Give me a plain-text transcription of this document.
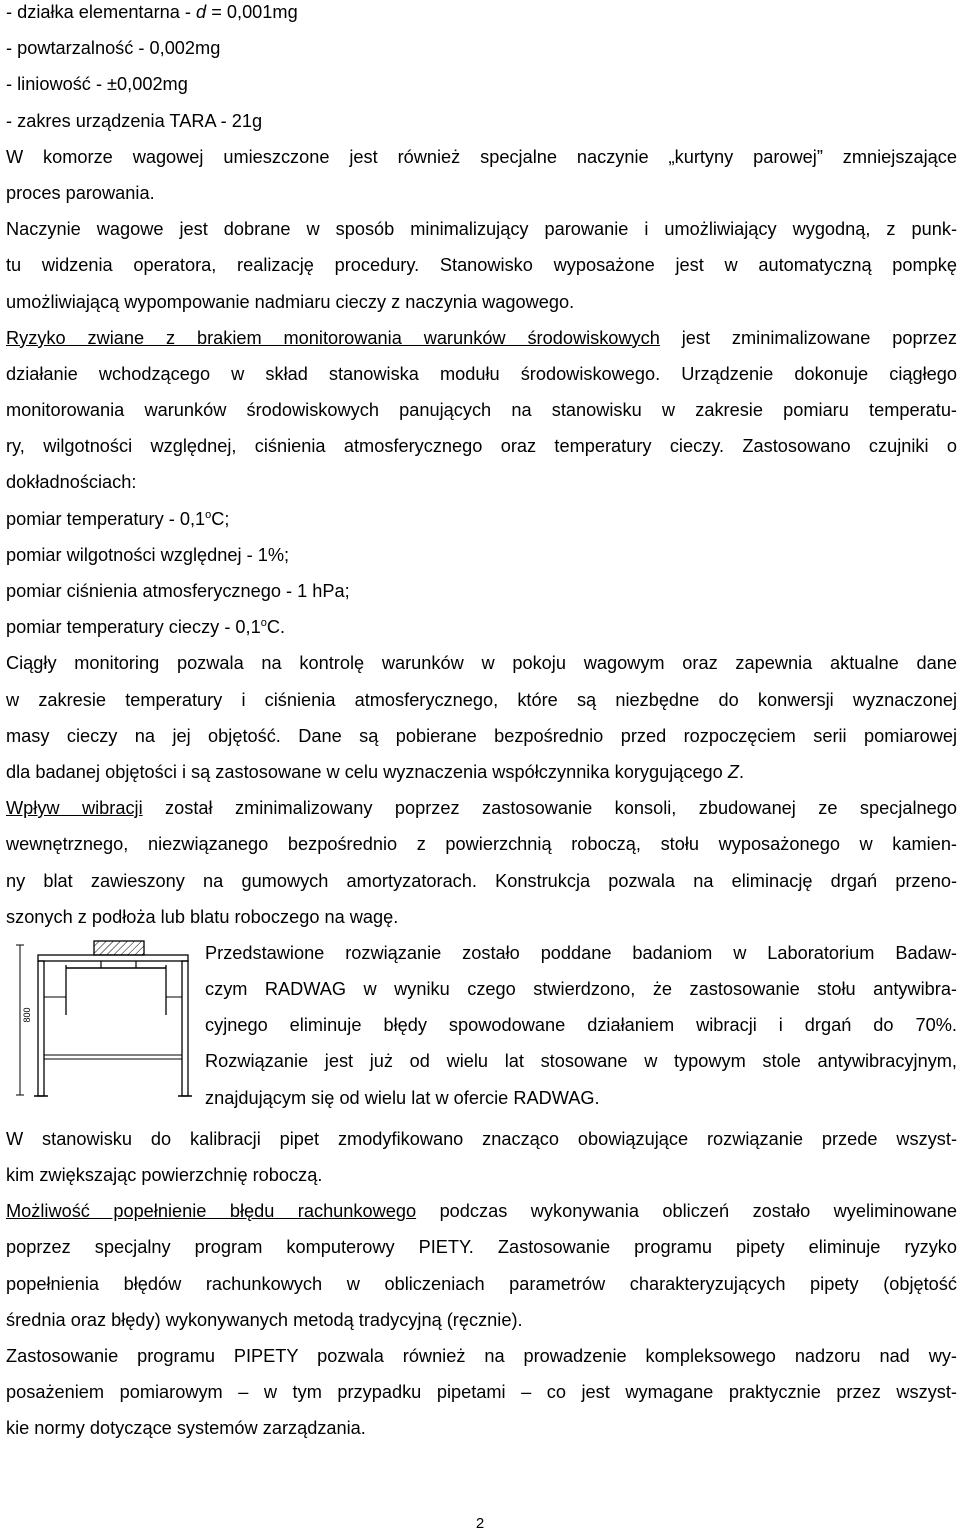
- działka elementarna - d = 0,001mg
- powtarzalność - 0,002mg
- liniowość - ±0,002mg
- zakres urządzenia TARA - 21g
W komorze wagowej umieszczone jest również specjalne naczynie „kurtyny parowej” zmniejszające
proces parowania.
Naczynie wagowe jest dobrane w sposób minimalizujący parowanie i umożliwiający wygodną, z punk-
tu widzenia operatora, realizację procedury. Stanowisko wyposażone jest w automatyczną pompkę
umożliwiającą wypompowanie nadmiaru cieczy z naczynia wagowego.
Ryzyko zwiane z brakiem monitorowania warunków środowiskowych jest zminimalizowane poprzez
działanie wchodzącego w skład stanowiska modułu środowiskowego. Urządzenie dokonuje ciągłego
monitorowania warunków środowiskowych panujących na stanowisku w zakresie pomiaru temperatu-
ry, wilgotności względnej, ciśnienia atmosferycznego oraz temperatury cieczy. Zastosowano czujniki o
dokładnościach:
pomiar temperatury - 0,1$^o$C;
pomiar wilgotności względnej - 1%;
pomiar ciśnienia atmosferycznego - 1 hPa;
pomiar temperatury cieczy - 0,1$^o$C.
Ciągły monitoring pozwala na kontrolę warunków w pokoju wagowym oraz zapewnia aktualne dane
w zakresie temperatury i ciśnienia atmosferycznego, które są niezbędne do konwersji wyznaczonej
masy cieczy na jej objętość. Dane są pobierane bezpośrednio przed rozpoczęciem serii pomiarowej
dla badanej objętości i są zastosowane w celu wyznaczenia współczynnika korygującego Z.
Wpływ wibracji został zminimalizowany poprzez zastosowanie konsoli, zbudowanej ze specjalnego
wewnętrznego, niezwiązanego bezpośrednio z powierzchnią roboczą, stołu wyposażonego w kamien-
ny blat zawieszony na gumowych amortyzatorach. Konstrukcja pozwala na eliminację drgań przeno-
szonych z podłoża lub blatu roboczego na wagę.
800
Przedstawione rozwiązanie zostało poddane badaniom w Laboratorium Badaw-
czym RADWAG w wyniku czego stwierdzono, że zastosowanie stołu antywibra-
cyjnego eliminuje błędy spowodowane działaniem wibracji i drgań do 70%.
Rozwiązanie jest już od wielu lat stosowane w typowym stole antywibracyjnym,
znajdującym się od wielu lat w ofercie RADWAG.
W stanowisku do kalibracji pipet zmodyfikowano znacząco obowiązujące rozwiązanie przede wszyst-
kim zwiększając powierzchnię roboczą.
Możliwość popełnienie błędu rachunkowego podczas wykonywania obliczeń zostało wyeliminowane
poprzez specjalny program komputerowy PIETY. Zastosowanie programu pipety eliminuje ryzyko
popełnienia błędów rachunkowych w obliczeniach parametrów charakteryzujących pipety (objętość
średnia oraz błędy) wykonywanych metodą tradycyjną (ręcznie).
Zastosowanie programu PIPETY pozwala również na prowadzenie kompleksowego nadzoru nad wy-
posażeniem pomiarowym – w tym przypadku pipetami – co jest wymagane praktycznie przez wszyst-
kie normy dotyczące systemów zarządzania.
2
